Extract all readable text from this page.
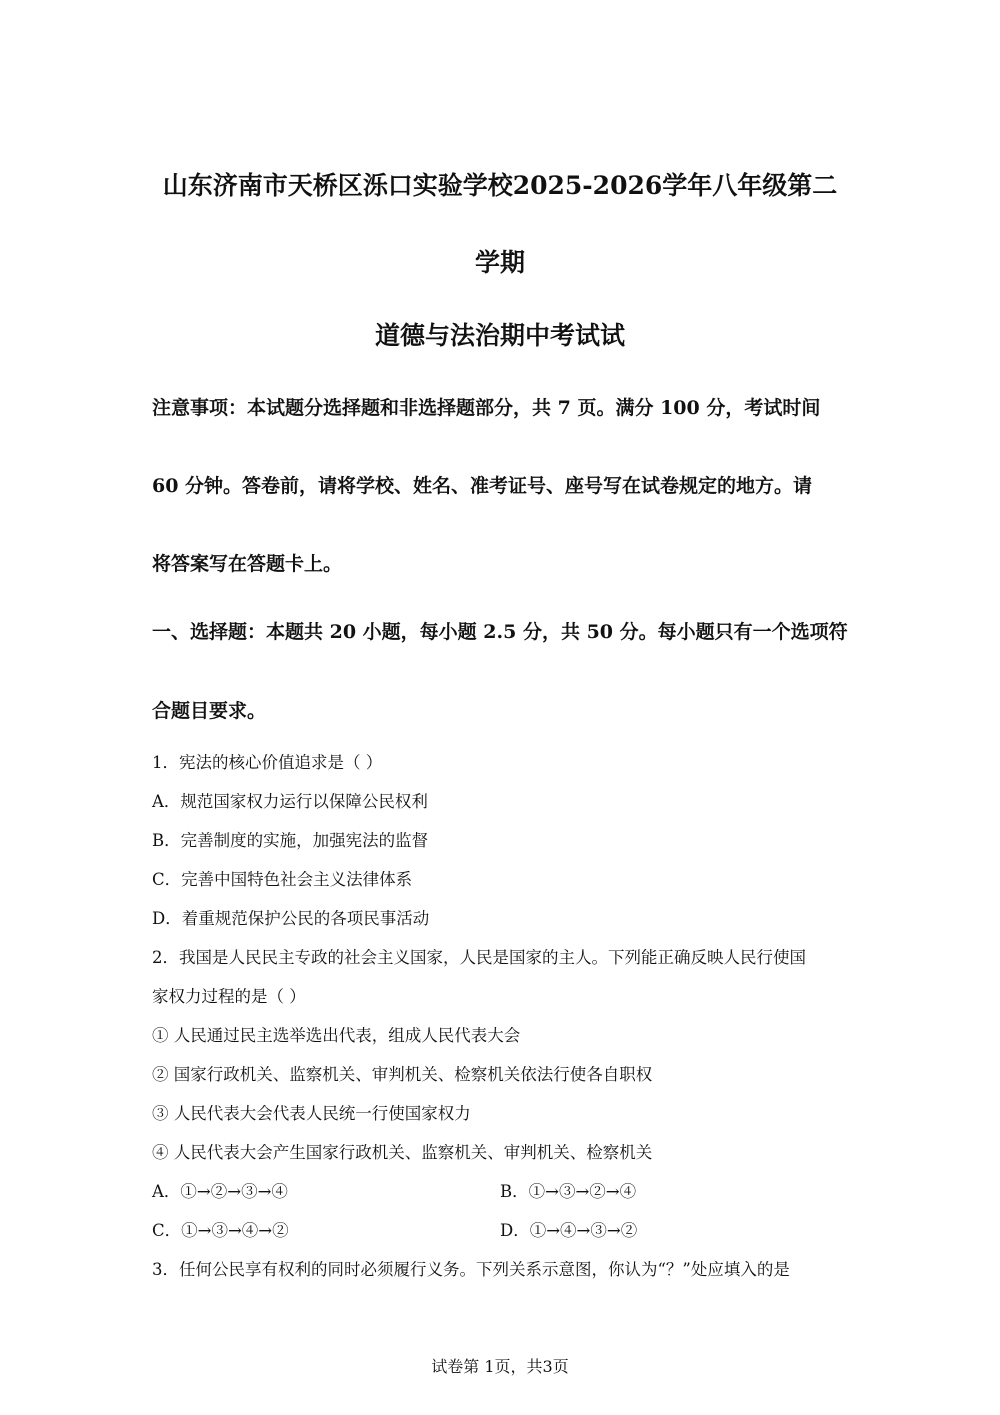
山东济南市天桥区泺口实验学校2025-2026学年八年级第二
学期
道德与法治期中考试试
注意事项：本试题分选择题和非选择题部分，共 7 页。满分 100 分，考试时间
60 分钟。答卷前，请将学校、姓名、准考证号、座号写在试卷规定的地方。请
将答案写在答题卡上。
一、选择题：本题共 20 小题，每小题 2.5 分，共 50 分。每小题只有一个选项符
合题目要求。
1．宪法的核心价值追求是（ ）
A．规范国家权力运行以保障公民权利
B．完善制度的实施，加强宪法的监督
C．完善中国特色社会主义法律体系
D．着重规范保护公民的各项民事活动
2．我国是人民民主专政的社会主义国家，人民是国家的主人。下列能正确反映人民行使国
家权力过程的是（ ）
① 人民通过民主选举选出代表，组成人民代表大会
② 国家行政机关、监察机关、审判机关、检察机关依法行使各自职权
③ 人民代表大会代表人民统一行使国家权力
④ 人民代表大会产生国家行政机关、监察机关、审判机关、检察机关
A．①→②→③→④	B．①→③→②→④
C．①→③→④→②	D．①→④→③→②
3．任何公民享有权利的同时必须履行义务。下列关系示意图，你认为“？”处应填入的是
试卷第 1页，共3页
